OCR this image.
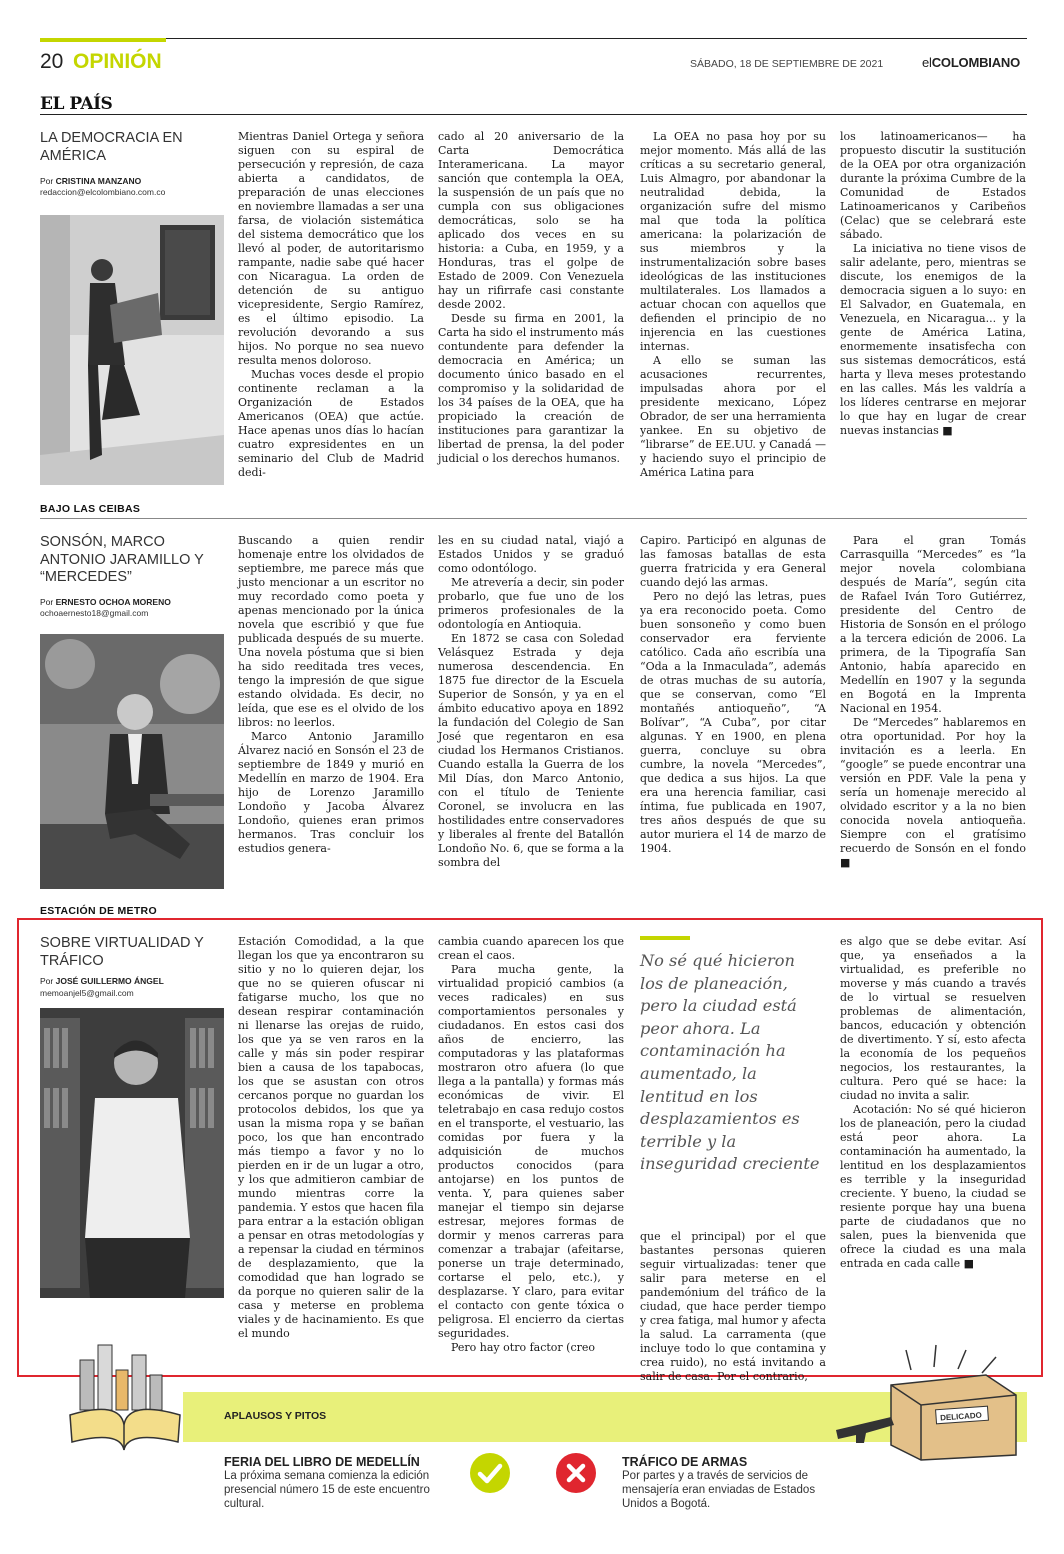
20 OPINIÓN	SÁBADO, 18 DE SEPTIEMBRE DE 2021	elCOLOMBIANO
EL PAÍS
LA DEMOCRACIA EN AMÉRICA
Por CRISTINA MANZANO
redaccion@elcolombiano.com.co

Mientras Daniel Ortega y señora siguen con su espiral de persecución y represión, de caza abierta a candidatos, de preparación de unas elecciones en noviembre llamadas a ser una farsa, de violación sistemática del sistema democrático que los llevó al poder, de autoritarismo rampante, nadie sabe qué hacer con Nicaragua. La orden de detención de su antiguo vicepresidente, Sergio Ramírez, es el último episodio. La revolución devorando a sus hijos. No porque no sea nuevo resulta menos doloroso.

Muchas voces desde el propio continente reclaman a la Organización de Estados Americanos (OEA) que actúe. Hace apenas unos días lo hacían cuatro expresidentes en un seminario del Club de Madrid dedi-

cado al 20 aniversario de la Carta Democrática Interamericana. La mayor sanción que contempla la OEA, la suspensión de un país que no cumpla con sus obligaciones democráticas, solo se ha aplicado dos veces en su historia: a Cuba, en 1959, y a Honduras, tras el golpe de Estado de 2009. Con Venezuela hay un rifirrafe casi constante desde 2002.

Desde su firma en 2001, la Carta ha sido el instrumento más contundente para defender la democracia en América; un documento único basado en el compromiso y la solidaridad de los 34 países de la OEA, que ha propiciado la creación de instituciones para garantizar la libertad de prensa, la del poder judicial o los derechos humanos.

La OEA no pasa hoy por su mejor momento. Más allá de las críticas a su secretario general, Luis Almagro, por abandonar la neutralidad debida, la organización sufre del mismo mal que toda la política americana: la polarización de sus miembros y la instrumentalización sobre bases ideológicas de las instituciones multilaterales. Los llamados a actuar chocan con aquellos que defienden el principio de no injerencia en las cuestiones internas.

A ello se suman las acusaciones recurrentes, impulsadas ahora por el presidente mexicano, López Obrador, de ser una herramienta yankee. En su objetivo de “librarse” de EE.UU. y Canadá —y haciendo suyo el principio de América Latina para

los latinoamericanos— ha propuesto discutir la sustitución de la OEA por otra organización durante la próxima Cumbre de la Comunidad de Estados Latinoamericanos y Caribeños (Celac) que se celebrará este sábado.

La iniciativa no tiene visos de salir adelante, pero, mientras se discute, los enemigos de la democracia siguen a lo suyo: en El Salvador, en Guatemala, en Venezuela, en Nicaragua... y la gente de América Latina, enormemente insatisfecha con sus sistemas democráticos, está harta y lleva meses protestando en las calles. Más les valdría a los líderes centrarse en mejorar lo que hay en lugar de crear nuevas instancias ■

BAJO LAS CEIBAS
SONSÓN, MARCO ANTONIO JARAMILLO Y “MERCEDES”
Por ERNESTO OCHOA MORENO
ochoaernesto18@gmail.com

Buscando a quien rendir homenaje entre los olvidados de septiembre, me parece más que justo mencionar a un escritor no muy recordado como poeta y apenas mencionado por la única novela que escribió y que fue publicada después de su muerte. Una novela póstuma que si bien ha sido reeditada tres veces, tengo la impresión de que sigue estando olvidada. Es decir, no leída, que ese es el olvido de los libros: no leerlos.

Marco Antonio Jaramillo Álvarez nació en Sonsón el 23 de septiembre de 1849 y murió en Medellín en marzo de 1904. Era hijo de Lorenzo Jaramillo Londoño y Jacoba Álvarez Londoño, quienes eran primos hermanos. Tras concluir los estudios genera-

les en su ciudad natal, viajó a Estados Unidos y se graduó como odontólogo.

Me atrevería a decir, sin poder probarlo, que fue uno de los primeros profesionales de la odontología en Antioquia.

En 1872 se casa con Soledad Velásquez Estrada y deja numerosa descendencia. En 1875 fue director de la Escuela Superior de Sonsón, y ya en el ámbito educativo apoya en 1892 la fundación del Colegio de San José que regentaron en esa ciudad los Hermanos Cristianos. Cuando estalla la Guerra de los Mil Días, don Marco Antonio, con el título de Teniente Coronel, se involucra en las hostilidades entre conservadores y liberales al frente del Batallón Londoño No. 6, que se forma a la sombra del

Capiro. Participó en algunas de las famosas batallas de esta guerra fratricida y era General cuando dejó las armas.

Pero no dejó las letras, pues ya era reconocido poeta. Como buen sonsoneño y como buen conservador era ferviente católico. Cada año escribía una “Oda a la Inmaculada”, además de otras muchas de su autoría, que se conservan, como “El montañés antioqueño”, “A Bolívar”, “A Cuba”, por citar algunas. Y en 1900, en plena guerra, concluye su obra cumbre, la novela “Mercedes”, que dedica a sus hijos. La que era una herencia familiar, casi íntima, fue publicada en 1907, tres años después de que su autor muriera el 14 de marzo de 1904.

Para el gran Tomás Carrasquilla “Mercedes” es “la mejor novela colombiana después de María”, según cita de Rafael Iván Toro Gutiérrez, presidente del Centro de Historia de Sonsón en el prólogo a la tercera edición de 2006. La primera, de la Tipografía San Antonio, había aparecido en Medellín en 1907 y la segunda en Bogotá en la Imprenta Nacional en 1954.

De “Mercedes” hablaremos en otra oportunidad. Por hoy la invitación es a leerla. En “google” se puede encontrar una versión en PDF. Vale la pena y sería un homenaje merecido al olvidado escritor y a la no bien conocida novela antioqueña. Siempre con el gratísimo recuerdo de Sonsón en el fondo ■

ESTACIÓN DE METRO
SOBRE VIRTUALIDAD Y TRÁFICO
Por JOSÉ GUILLERMO ÁNGEL
memoanjel5@gmail.com

Estación Comodidad, a la que llegan los que ya encontraron su sitio y no lo quieren dejar, los que no se quieren ofuscar ni fatigarse mucho, los que no desean respirar contaminación ni llenarse las orejas de ruido, los que ya se ven raros en la calle y más sin poder respirar bien a causa de los tapabocas, los que se asustan con otros cercanos porque no guardan los protocolos debidos, los que ya usan la misma ropa y se bañan poco, los que han encontrado más tiempo a favor y no lo pierden en ir de un lugar a otro, y los que admitieron cambiar de mundo mientras corre la pandemia. Y estos que hacen fila para entrar a la estación obligan a pensar en otras metodologías y a repensar la ciudad en términos de desplazamiento, que la comodidad que han logrado se da porque no quieren salir de la casa y meterse en problema viales y de hacinamiento. Es que el mundo

cambia cuando aparecen los que crean el caos.

Para mucha gente, la virtualidad propició cambios (a veces radicales) en sus comportamientos personales y ciudadanos. En estos casi dos años de encierro, las computadoras y las plataformas mostraron otro afuera (lo que llega a la pantalla) y formas más económicas de vivir. El teletrabajo en casa redujo costos en el transporte, el vestuario, las comidas por fuera y la adquisición de muchos productos conocidos (para antojarse) en los puntos de venta. Y, para quienes saber manejar el tiempo sin dejarse estresar, mejores formas de dormir y menos carreras para comenzar a trabajar (afeitarse, ponerse un traje determinado, cortarse el pelo, etc.), y desplazarse. Y claro, para evitar el contacto con gente tóxica o peligrosa. El encierro da ciertas seguridades.

Pero hay otro factor (creo

No sé qué hicieron los de planeación, pero la ciudad está peor ahora. La contaminación ha aumentado, la lentitud en los desplazamientos es terrible y la inseguridad creciente

que el principal) por el que bastantes personas quieren seguir virtualizadas: tener que salir para meterse en el pandemónium del tráfico de la ciudad, que hace perder tiempo y crea fatiga, mal humor y afecta la salud. La carramenta (que incluye todo lo que contamina y crea ruido), no está invitando a salir de casa. Por el contrario,

es algo que se debe evitar. Así que, ya enseñados a la virtualidad, es preferible no moverse y más cuando a través de lo virtual se resuelven problemas de alimentación, bancos, educación y obtención de divertimento. Y sí, esto afecta la economía de los pequeños negocios, los restaurantes, la cultura. Pero qué se hace: la ciudad no invita a salir.

Acotación: No sé qué hicieron los de planeación, pero la ciudad está peor ahora. La contaminación ha aumentado, la lentitud en los desplazamientos es terrible y la inseguridad creciente. Y bueno, la ciudad se resiente porque hay una buena parte de ciudadanos que no salen, pues la bienvenida que ofrece la ciudad es una mala entrada en cada calle ■

APLAUSOS Y PITOS
FERIA DEL LIBRO DE MEDELLÍN
La próxima semana comienza la edición presencial número 15 de este encuentro cultural.
TRÁFICO DE ARMAS
Por partes y a través de servicios de mensajería eran enviadas de Estados Unidos a Bogotá.
DELICADO
